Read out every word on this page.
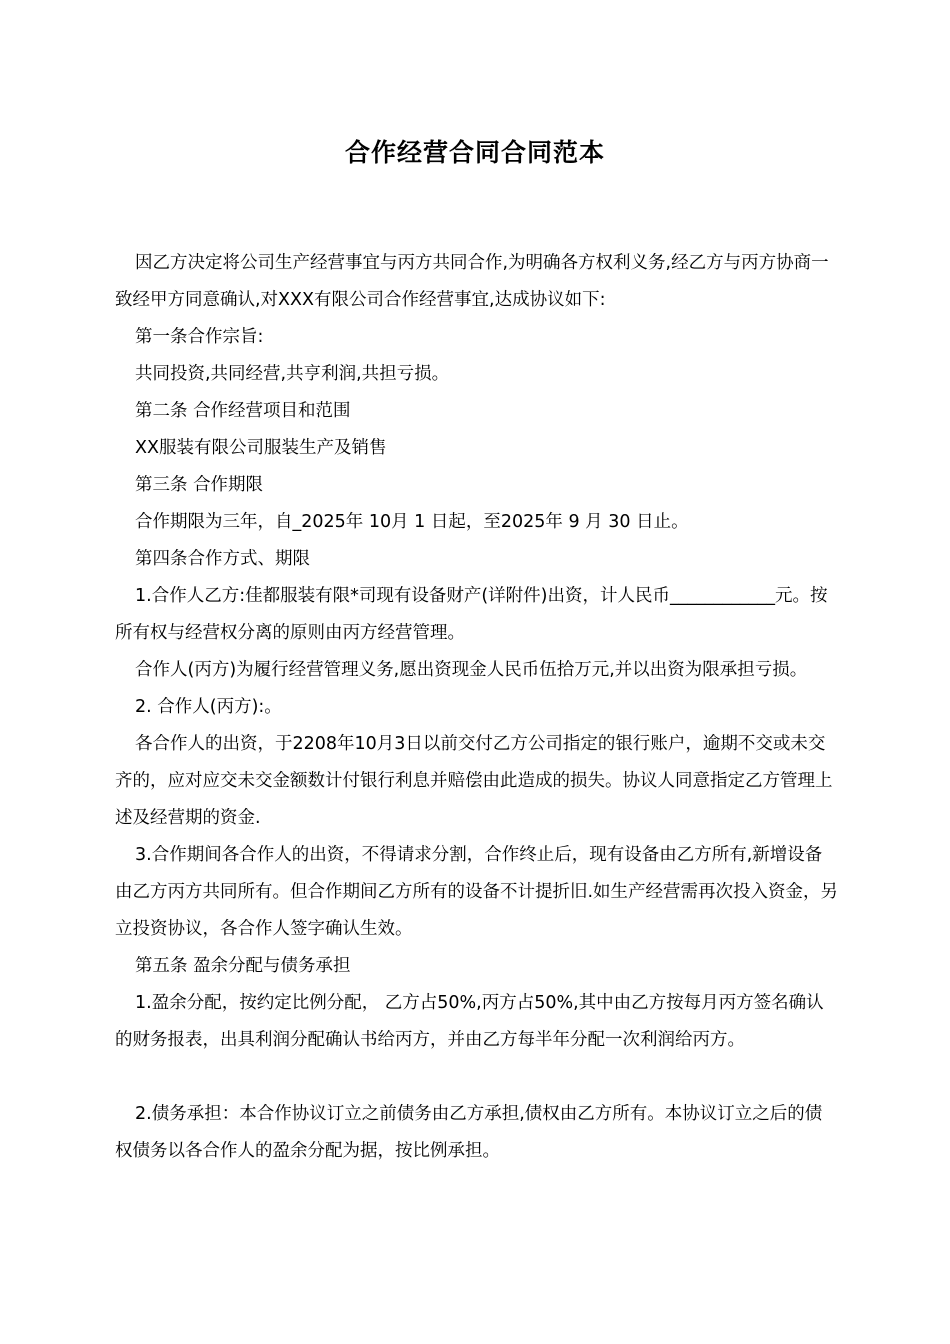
合作经营合同合同范本

因乙方决定将公司生产经营事宜与丙方共同合作,为明确各方权利义务,经乙方与丙方协商一致经甲方同意确认,对XXX有限公司合作经营事宜,达成协议如下:

第一条合作宗旨:

共同投资,共同经营,共亨利润,共担亏损。

第二条 合作经营项目和范围

XX服装有限公司服装生产及销售

第三条 合作期限

合作期限为三年，自_2025年 10月 1 日起，至2025年 9 月 30 日止。

第四条合作方式、期限

1.合作人乙方:佳都服装有限*司现有设备财产(详附件)出资，计人民币____________元。按所有权与经营权分离的原则由丙方经营管理。

合作人(丙方)为履行经营管理义务,愿出资现金人民币伍拾万元,并以出资为限承担亏损。

2. 合作人(丙方):。

各合作人的出资，于2208年10月3日以前交付乙方公司指定的银行账户，逾期不交或未交齐的，应对应交未交金额数计付银行利息并赔偿由此造成的损失。协议人同意指定乙方管理上述及经营期的资金.

3.合作期间各合作人的出资，不得请求分割，合作终止后，现有设备由乙方所有,新增设备由乙方丙方共同所有。但合作期间乙方所有的设备不计提折旧.如生产经营需再次投入资金，另立投资协议，各合作人签字确认生效。

第五条 盈余分配与债务承担

1.盈余分配，按约定比例分配， 乙方占50%,丙方占50%,其中由乙方按每月丙方签名确认的财务报表，出具利润分配确认书给丙方，并由乙方每半年分配一次利润给丙方。

2.债务承担：本合作协议订立之前债务由乙方承担,债权由乙方所有。本协议订立之后的债权债务以各合作人的盈余分配为据，按比例承担。
